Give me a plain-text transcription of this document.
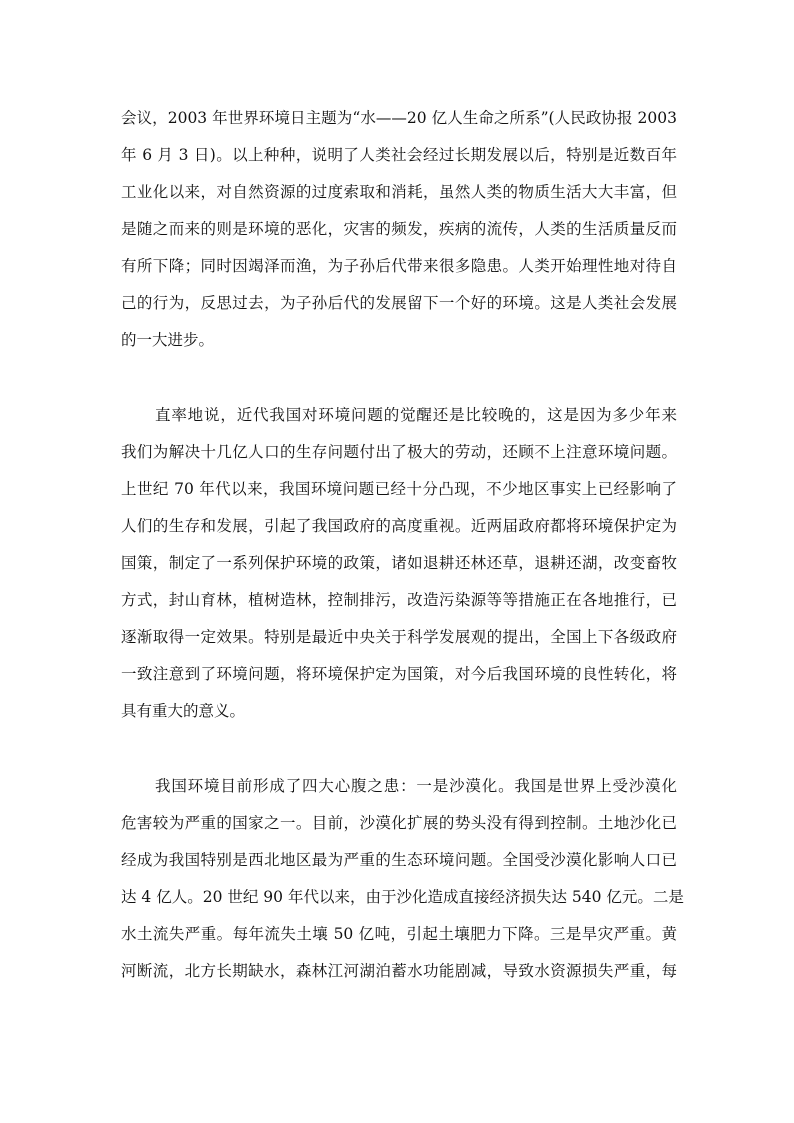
会议，2003 年世界环境日主题为“水——20 亿人生命之所系”(人民政协报 2003
年 6 月 3 日)。以上种种，说明了人类社会经过长期发展以后，特别是近数百年
工业化以来，对自然资源的过度索取和消耗，虽然人类的物质生活大大丰富，但
是随之而来的则是环境的恶化，灾害的频发，疾病的流传，人类的生活质量反而
有所下降；同时因竭泽而渔，为子孙后代带来很多隐患。人类开始理性地对待自
己的行为，反思过去，为子孙后代的发展留下一个好的环境。这是人类社会发展
的一大进步。
直率地说，近代我国对环境问题的觉醒还是比较晚的，这是因为多少年来
我们为解决十几亿人口的生存问题付出了极大的劳动，还顾不上注意环境问题。
上世纪 70 年代以来，我国环境问题已经十分凸现，不少地区事实上已经影响了
人们的生存和发展，引起了我国政府的高度重视。近两届政府都将环境保护定为
国策，制定了一系列保护环境的政策，诸如退耕还林还草，退耕还湖，改变畜牧
方式，封山育林，植树造林，控制排污，改造污染源等等措施正在各地推行，已
逐渐取得一定效果。特别是最近中央关于科学发展观的提出，全国上下各级政府
一致注意到了环境问题，将环境保护定为国策，对今后我国环境的良性转化，将
具有重大的意义。
我国环境目前形成了四大心腹之患：一是沙漠化。我国是世界上受沙漠化
危害较为严重的国家之一。目前，沙漠化扩展的势头没有得到控制。土地沙化已
经成为我国特别是西北地区最为严重的生态环境问题。全国受沙漠化影响人口已
达 4 亿人。20 世纪 90 年代以来，由于沙化造成直接经济损失达 540 亿元。二是
水土流失严重。每年流失土壤 50 亿吨，引起土壤肥力下降。三是旱灾严重。黄
河断流，北方长期缺水，森林江河湖泊蓄水功能剧减，导致水资源损失严重，每
